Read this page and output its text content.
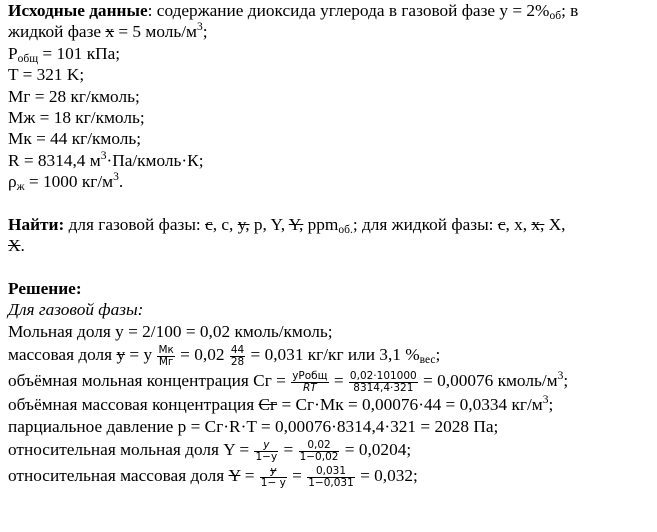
Исходные данные: содержание диоксида углерода в газовой фазе $y = 2\%_{об}$; в
жидкой фазе x = 5 моль/$м^3$;
$P_{общ} = 101$ кПа;
T = 321 K;
Mг = 28 кг/кмоль;
Mж = 18 кг/кмоль;
Mк = 44 кг/кмоль;
R = 8314,4 $м^3\cdot Па/кмоль\cdot К$;
$\rho_ж = 1000$ $кг/м^3$.
Найти: для газовой фазы: c, c, y, p, Y, Y, ppm$_{об.}$; для жидкой фазы: c, x, x, X,
X.
Решение:
Для газовой фазы:
Мольная доля y = 2/100 = 0,02 кмоль/кмоль;
массовая доля y = y $\frac{Mк}{Mг} = 0,02 \frac{44}{28} = 0,031$ кг/кг или 3,1 $\%_{вес}$;
объёмная мольная концентрация Cг = $\frac{\text{yPобщ}}{RT} = \frac{0,02\cdot 101000}{8314,4\cdot 321} = 0,00076$ кмоль/$м^3$;
объёмная массовая концентрация Cг = Cг·Mк = 0,00076·44 = 0,0334 $кг/м^3$;
парциальное давление p = Cг·R·T = 0,00076·8314,4·321 = 2028 Па;
относительная мольная доля $Y = \frac{y}{1-y} = \frac{0,02}{1-0,02} = 0,0204$;
относительная массовая доля $Y = \frac{y}{1- y} = \frac{0,031}{1-0,031} = 0,032$;
